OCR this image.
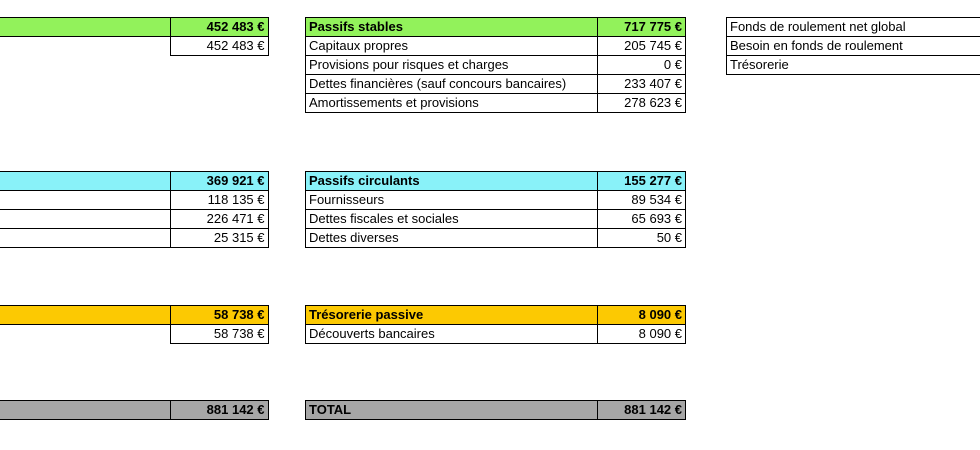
	452 483 €
	452 483 €
	369 921 €
	118 135 €
	226 471 €
	25 315 €
	58 738 €
	58 738 €
	881 142 €
Passifs stables	717 775 €
Capitaux propres	205 745 €
Provisions pour risques et charges	0 €
Dettes financières (sauf concours bancaires)	233 407 €
Amortissements et provisions	278 623 €
Passifs circulants	155 277 €
Fournisseurs	89 534 €
Dettes fiscales et sociales	65 693 €
Dettes diverses	50 €
Trésorerie passive	8 090 €
Découverts bancaires	8 090 €
TOTAL	881 142 €
Fonds de roulement net global
Besoin en fonds de roulement
Trésorerie
